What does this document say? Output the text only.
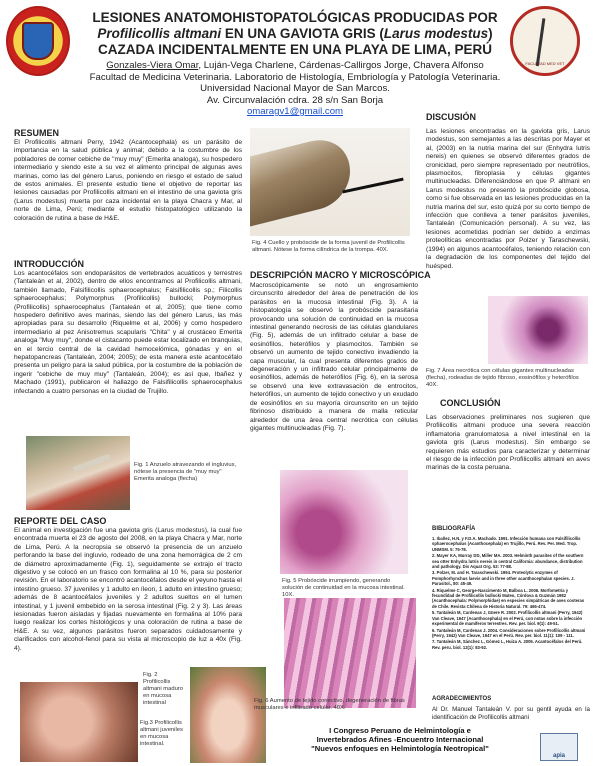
FACULTAD MED VET
LESIONES ANATOMOHISTOPATOLÓGICAS PRODUCIDAS POR
Profilicollis altmani EN UNA GAVIOTA GRIS (Larus modestus)
CAZADA INCIDENTALMENTE EN UNA PLAYA DE LIMA, PERÚ
Gonzales-Viera Omar, Luján-Vega Charlene, Cárdenas-Callirgos Jorge, Chavera Alfonso
Facultad de Medicina Veterinaria. Laboratorio de Histología, Embriología y Patología Veterinaria.
Universidad Nacional Mayor de San Marcos.
Av. Circunvalación cdra. 28 s/n San Borja
omaragv1@gmail.com
RESUMEN
El Profilicollis altmani Perry, 1942 (Acantocephala) es un parásito de importancia en la salud pública y animal; debido a la costumbre de los pobladores de comer cebiche de "muy muy" (Emerita analoga), su hospedero intermediario y siendo este a su vez el alimento principal de algunas aves marinas, como las del género Larus, poniendo en riesgo el estado de salud de estos animales. El presente estudio tiene el objetivo de reportar las lesiones causadas por Profilicollis altmani en el intestino de una gaviota gris (Larus modestus) muerta por caza incidental en la playa Chacra y Mar, al norte de Lima, Perú; mediante el estudio histopatológico utilizando la coloración de rutina a base de H&E.
INTRODUCCIÓN
Los acantocéfalos son endoparásitos de vertebrados acuáticos y terrestres (Tantaleán et al, 2002), dentro de ellos encontramos al Profilicollis altmani, también llamado, Falsifilicollis sphaerocephalus; Falsifilicollis sp.; Filicollis sphaerocephalus; Polymorphus (Profilicollis) bullocki; Polymorphus (Profilicollis) sphaerocephalus (Tantaleán et al, 2005); que tiene como hospedero definitivo aves marinas, siendo las del género Larus, las más apropiadas para su desarrollo (Riquelme et al, 2006) y como hospedero intermediario al pez Anisotremus scapularis "Chita" y al crustáceo Emerita analoga "Muy muy", donde el cistacanto puede estar localizado en branquias, en el tercio central de la cavidad hemocelómica, gónadas y en el hepatopancreas (Tantaleán, 2004; 2005); de esta manera este acantocéfalo presenta un peligro para la salud pública, por la costumbre de la población de ingerir "cebiche de muy muy" (Tantaleán, 2004); es así que, Ibañez y Machado (1991), publicaron el hallazgo de Falsifilicollis sphaerocephalus infectando a cuatro personas en la ciudad de Trujillo.
Fig. 1 Anzuelo atravezando el ingluvius, nótese la presencia de "muy muy" Emerita analoga (flecha)
REPORTE DEL CASO
El animal en investigación fue una gaviota gris (Larus modestus), la cual fue encontrada muerta el 23 de agosto del 2008, en la playa Chacra y Mar, norte de Lima, Perú. A la necropsia se observó la presencia de un anzuelo perforando la base del ingluvio, rodeado de una zona hemorrágica de 2 cm de diámetro aproximadamente (Fig. 1), seguidamente se extrajo el tracto digestivo y se colocó en un frasco con formalina al 10 %, para su posterior revisión. En el laboratorio se encontró acantocéfalos desde el yeyuno hasta el intestino grueso. 37 juveniles y 1 adulto en íleon, 1 adulto en intestino grueso; además de 8 acantocéfalos juveniles y 2 adultos sueltos en el lumen intestinal, y 1 juvenil embebido en la serosa intestinal (Fig. 2 y 3). Las áreas lesionadas fueron aisladas y fijadas nuevamente en formalina al 10% para luego realizar los cortes histológicos y una coloración de rutina a base de H&E. A su vez, algunos parásitos fueron separados cuidadosamente y clarificados con alcohol-fenol para su vista al microscopio de luz a 40x (Fig. 4).
Fig. 2 Profilicollis altmani maduro en mucosa intestinal
Fig.3 Profilicollis altmani juveniles en mucosa intestinal.
Fig. 4 Cuello y probóscide de la forma juvenil de Profilicollis altmani. Nótese la forma cilíndrica de la trompa. 40X.
DESCRIPCIÓN MACRO Y MICROSCÓPICA
Macroscópicamente se notó un engrosamiento circunscrito alrededor del área de penetración de los parásitos en la mucosa intestinal (Fig. 3). A la histopatología se observó la probóscide parasitaria provocando una solución de continuidad en la mucosa intestinal generando necrosis de las células glandulares (Fig. 5), además de un infiltrado celular a base de eosinófilos, heterófilos y plasmocitos. También se observó un aumento de tejido conectivo invadiendo la capa muscular, la cual presenta diferentes grados de degeneración y un infiltrado celular principalmente de eosinófilos, además de heterófilos (Fig. 6), en la serosa se observó una leve extravasación de entrocitos, heterófilos, un aumento de tejido conectivo y un exudado de eosinófilos en su mayoría circunscrito en un tejido fibrinoso distribuido a manera de malla reticular alrededor de una área central necrótica con células gigantes multinucleadas (Fig. 7).
Fig. 5 Probóscide irrumpiendo, generando solución de continuidad en la mucosa intestinal. 10X.
Fig. 6 Aumento de tejido conectivo, degeneración de fibras musculares e infiltrado celular. 40X.
DISCUSIÓN
Las lesiones encontradas en la gaviota gris, Larus modestus, son semejantes a las descritas por Mayer et al, (2003) en la nutria marina del sur (Enhydra lutris nereis) en quienes se observó diferentes grados de cronicidad, pero siempre representado por neutrófilos, plasmocitos, fibroplasia y células gigantes multinucleadas. Diferenciándose en que P. altmani en Larus modestus no presentó la probóscide globosa, como si fue observada en las lesiones producidas en la nutria marina del sur, esto quizá por su corto tiempo de infección que conlleva a tener parásitos juveniles, Tantaleán (Comunicación personal). A su vez, las lesiones acometidas podrían ser debido a enzimas proteolíticas encontradas por Polzer y Taraschewski, (1994) en algunos acantocéfalos, teniendo relación con la degradación de los componentes del tejido del huésped.
Fig. 7 Área necrótica con células gigantes multinucleadas (flecha), rodeadas de tejido fibroso, eosinófilos y heterófilos 40X.
CONCLUSIÓN
Las observaciones preliminares nos sugieren que Profilicollis altmani produce una severa reacción inflamatoria granulomatosa a nivel intestinal en la gaviota gris (Larus modestus). Sin embargo se requieren más estudios para caracterizar y determinar el riesgo de la infección por Profilicollis altmani en aves marinas de la costa peruana.
BIBLIOGRAFÍA

1. Ibañez, H.N. y F.D.A. Machado. 1991. Infección humana con Falsifilicollis sphaerocephalus (Acanthocephala) en Trujillo, Perú. Rev. Per. Med. Trop. UNMSM. 5: 75-78.

2. Mayer KA, Murray DD, Miller MA. 2003. Helminth parasites of the southern sea otter Enhydra lutris nereis in central California: abundance, distribution and pathology. Dis Aquat Org. 53: 77-88.

3. Polzer, M. and H. Taraschewski. 1994. Proteolytic enzymes of Pomphorhynchus laevis and in three other acanthocephalan species. J. Parasitol., 80: 45-49.

4. Riquelme C, George-Nascimento M, Balboa L. 2006. Morfometría y fecundidad de Profilicollis bullocki Mateo, Córdova & Guzmán 1982 (Acanthocephala: Polymorphidae) en especies simpátricas de aves costeras de Chile. Revista Chilena de Historia Natural. 79: 465-474.

5. Tantaleán M, Cardenas J, Güere R. 2002. Profilicollis altmani (Perry, 1942) Van Cleave, 1947 (Acanthocephala) en el Perú, con notas sobre la infección experimental de mamíferos terrestres. Rev. per. biol. 9(1): 49-51.

6. Tantaleán M, Cardenas J. 2004. Consideraciones sobre Profilicollis altmani (Perry, 1942) Van Cleave, 1947 en el Perú. Rev. per. biol. 11(1): 109 - 111.

7. Tantaleán M, Sánchez L, Gómez L, Huiza A. 2005. Acantocéfalos del Perú. Rev. peru. biol. 12(1): 83-92.

AGRADECIMIENTOS
Al Dr. Manuel Tantaleán V. por su gentil ayuda en la identificación de Profilicollis altmani
I Congreso Peruano de Helmintología e
Invertebrados Afines -Encuentro Internacional
"Nuevos enfoques en Helmintología Neotropical"
apia
